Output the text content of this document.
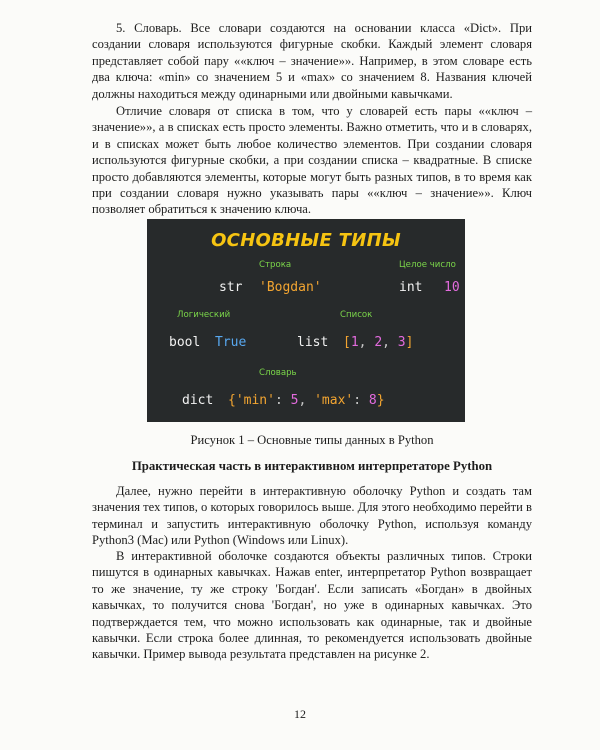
5. Словарь. Все словари создаются на основании класса «Dict». При создании словаря используются фигурные скобки. Каждый элемент словаря представляет собой пару ««ключ – значение»». Например, в этом словаре есть два ключа: «min» со значением 5 и «max» со значением 8. Названия ключей должны находиться между одинарными или двойными кавычками.

Отличие словаря от списка в том, что у словарей есть пары ««ключ – значение»», а в списках есть просто элементы. Важно отметить, что и в словарях, и в списках может быть любое количество элементов. При создании словаря используются фигурные скобки, а при создании списка – квадратные. В списке просто добавляются элементы, которые могут быть разных типов, в то время как при создании словаря нужно указывать пары ««ключ – значение»». Ключ позволяет обратиться к значению ключа.

ОСНОВНЫЕ ТИПЫ
Строка	Целое число
str 'Bogdan'	int 10
Логический	Список
bool True	list [1, 2, 3]
Словарь
dict {'min': 5, 'max': 8}
Рисунок 1 – Основные типы данных в Python
Практическая часть в интерактивном интерпретаторе Python

Далее, нужно перейти в интерактивную оболочку Python и создать там значения тех типов, о которых говорилось выше. Для этого необходимо перейти в терминал и запустить интерактивную оболочку Python, используя команду Python3 (Mac) или Python (Windows или Linux).

В интерактивной оболочке создаются объекты различных типов. Строки пишутся в одинарных кавычках. Нажав enter, интерпретатор Python возвращает то же значение, ту же строку 'Богдан'. Если записать «Богдан» в двойных кавычках, то получится снова 'Богдан', но уже в одинарных кавычках. Это подтверждается тем, что можно использовать как одинарные, так и двойные кавычки. Если строка более длинная, то рекомендуется использовать двойные кавычки. Пример вывода результата представлен на рисунке 2.

12
